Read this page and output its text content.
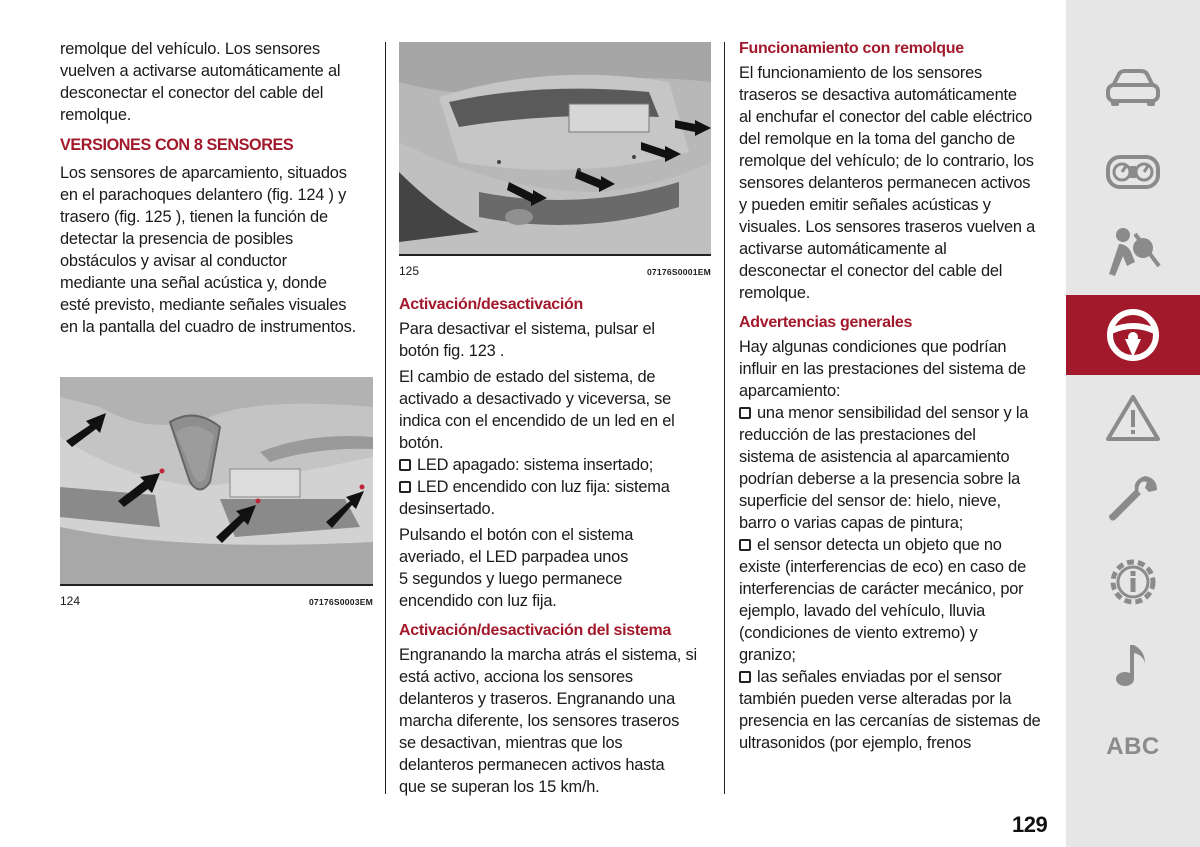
remolque del vehículo. Los sensores
vuelven a activarse automáticamente al
desconectar el conector del cable del
remolque.

VERSIONES CON 8 SENSORES

Los sensores de aparcamiento, situados
en el parachoques delantero (fig. 124 ) y
trasero (fig. 125 ), tienen la función de
detectar la presencia de posibles
obstáculos y avisar al conductor
mediante una señal acústica y, donde
esté previsto, mediante señales visuales
en la pantalla del cuadro de instrumentos.

124	07176S0003EM
125	07176S0001EM
Activación/desactivación

Para desactivar el sistema, pulsar el
botón fig. 123 .

El cambio de estado del sistema, de
activado a desactivado y viceversa, se
indica con el encendido de un led en el
botón.
LED apagado: sistema insertado;
LED encendido con luz fija: sistema
desinsertado.

Pulsando el botón con el sistema
averiado, el LED parpadea unos
5 segundos y luego permanece
encendido con luz fija.

Activación/desactivación del sistema

Engranando la marcha atrás el sistema, si
está activo, acciona los sensores
delanteros y traseros. Engranando una
marcha diferente, los sensores traseros
se desactivan, mientras que los
delanteros permanecen activos hasta
que se superan los 15 km/h.

Funcionamiento con remolque

El funcionamiento de los sensores
traseros se desactiva automáticamente
al enchufar el conector del cable eléctrico
del remolque en la toma del gancho de
remolque del vehículo; de lo contrario, los
sensores delanteros permanecen activos
y pueden emitir señales acústicas y
visuales. Los sensores traseros vuelven a
activarse automáticamente al
desconectar el conector del cable del
remolque.

Advertencias generales

Hay algunas condiciones que podrían
influir en las prestaciones del sistema de
aparcamiento:
una menor sensibilidad del sensor y la
reducción de las prestaciones del
sistema de asistencia al aparcamiento
podrían deberse a la presencia sobre la
superficie del sensor de: hielo, nieve,
barro o varias capas de pintura;
el sensor detecta un objeto que no
existe (interferencias de eco) en caso de
interferencias de carácter mecánico, por
ejemplo, lavado del vehículo, lluvia
(condiciones de viento extremo) y
granizo;
las señales enviadas por el sensor
también pueden verse alteradas por la
presencia en las cercanías de sistemas de
ultrasonidos (por ejemplo, frenos	ABC
129
